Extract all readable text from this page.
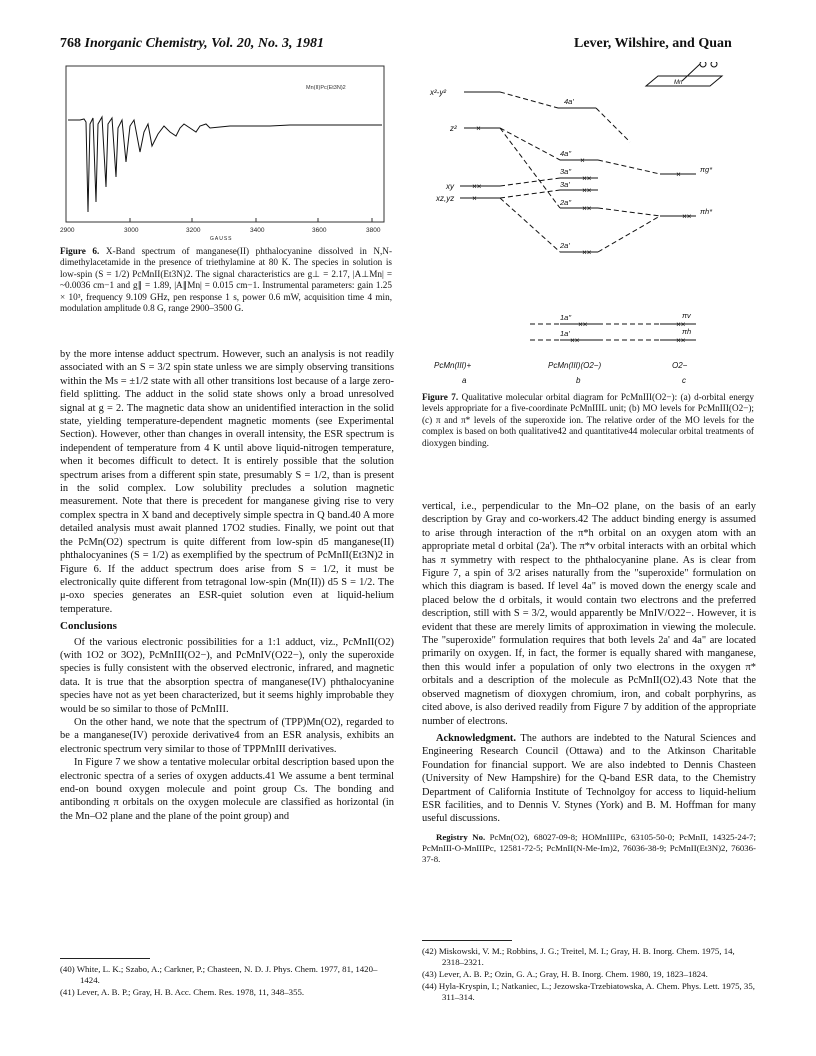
768 Inorganic Chemistry, Vol. 20, No. 3, 1981	Lever, Wilshire, and Quan
Mn(II)Pc(Et3N)2
2900	3000	3200	3400	3600	3800
GAUSS
Figure 6. X-Band spectrum of manganese(II) phthalocyanine dissolved in N,N-dimethylacetamide in the presence of triethylamine at 80 K. The species in solution is low-spin (S = 1/2) PcMnII(Et3N)2. The signal characteristics are g⊥ = 2.17, |A⊥Mn| = ~0.0036 cm−1 and g∥ = 1.89, |A∥Mn| = 0.015 cm−1. Instrumental parameters: gain 1.25 × 10³, frequency 9.109 GHz, pen response 1 s, power 0.6 mW, acquisition time 4 min, modulation amplitude 0.8 G, range 2900–3500 G.
×
××
×
×
××
××
××
××
××
××
×
××
××
××
x²-y²
z²
xy
xz,yz
4a'
4a"
3a"
3a'
2a"
2a'
1a"
1a'
πg*
πh*
πv
πh
Mn
PcMn(III)+	PcMn(III)(O2−)	O2−
a	b	c
Figure 7. Qualitative molecular orbital diagram for PcMnIII(O2−): (a) d-orbital energy levels appropriate for a five-coordinate PcMnIIIL unit; (b) MO levels for PcMnIII(O2−); (c) π and π* levels of the superoxide ion. The relative order of the MO levels for the complex is based on both qualitative42 and quantitative44 molecular orbital treatments of dioxygen binding.

by the more intense adduct spectrum. However, such an analysis is not readily associated with an S = 3/2 spin state unless we are simply observing transitions within the Ms = ±1/2 state with all other transitions lost because of a large zero-field splitting. The adduct in the solid state shows only a broad unresolved signal at g = 2. The magnetic data show an unidentified interaction in the solid state, yielding temperature-dependent magnetic moments (see Experimental Section). However, other than changes in overall intensity, the ESR spectrum is independent of temperature from 4 K until above liquid-nitrogen temperature, when it becomes difficult to detect. It is entirely possible that the solution spectrum arises from a different spin state, presumably S = 1/2, than is present in the solid complex. Low solubility precludes a solution magnetic measurement. Note that there is precedent for manganese giving rise to very complex spectra in X band and deceptively simple spectra in Q band.40 A more detailed analysis must await planned 17O2 studies. Finally, we point out that the PcMn(O2) spectrum is quite different from low-spin d5 manganese(II) phthalocyanines (S = 1/2) as exemplified by the spectrum of PcMnII(Et3N)2 in Figure 6. If the adduct spectrum does arise from S = 1/2, it must be electronically quite different from tetragonal low-spin (Mn(II)) d5 S = 1/2. The μ-oxo species generates an ESR-quiet solution even at liquid-helium temperature.

Conclusions

Of the various electronic possibilities for a 1:1 adduct, viz., PcMnII(O2) (with 1O2 or 3O2), PcMnIII(O2−), and PcMnIV(O22−), only the superoxide species is fully consistent with the observed electronic, infrared, and magnetic data. It is true that the absorption spectra of manganese(IV) phthalocyanine species have not as yet been characterized, but it seems highly improbable they would be so similar to those of PcMnIII.

On the other hand, we note that the spectrum of (TPP)Mn(O2), regarded to be a manganese(IV) peroxide derivative4 from an ESR analysis, exhibits an electronic spectrum very similar to those of TPPMnIII derivatives.

In Figure 7 we show a tentative molecular orbital description based upon the electronic spectra of a series of oxygen adducts.41 We assume a bent terminal end-on bound oxygen molecule and point group Cs. The bonding and antibonding π orbitals on the oxygen molecule are classified as horizontal (in the Mn–O2 plane and the plane of the point group) and

vertical, i.e., perpendicular to the Mn–O2 plane, on the basis of an early description by Gray and co-workers.42 The adduct binding energy is assumed to arise through interaction of the π*h orbital on an oxygen atom with an appropriate metal d orbital (2a'). The π*v orbital interacts with an orbital which has π symmetry with respect to the phthalocyanine plane. As is clear from Figure 7, a spin of 3/2 arises naturally from the "superoxide" formulation on which this diagram is based. If level 4a" is moved down the energy scale and placed below the d orbitals, it would contain two electrons and the preferred description, still with S = 3/2, would apparently be MnIV/O22−. However, it is evident that these are merely limits of approximation in viewing the molecule. The "superoxide" formulation requires that both levels 2a' and 4a" are located primarily on oxygen. If, in fact, the former is equally shared with manganese, then this would infer a population of only two electrons in the oxygen π* orbitals and a description of the molecule as PcMnII(O2).43 Note that the observed magnetism of dioxygen chromium, iron, and cobalt porphyrins, as cited above, is also derived readily from Figure 7 by addition of the appropriate number of electrons.

Acknowledgment. The authors are indebted to the Natural Sciences and Engineering Research Council (Ottawa) and to the Atkinson Charitable Foundation for financial support. We are also indebted to Dennis Chasteen (University of New Hampshire) for the Q-band ESR data, to the Chemistry Department of California Institute of Technolgoy for access to liquid-helium ESR facilities, and to Dennis V. Stynes (York) and B. M. Hoffman for many useful discussions.

Registry No. PcMn(O2), 68027-09-8; HOMnIIIPc, 63105-50-0; PcMnII, 14325-24-7; PcMnIII-O-MnIIIPc, 12581-72-5; PcMnII(N-Me-Im)2, 76036-38-9; PcMnII(Et3N)2, 76036-37-8.

(40) White, L. K.; Szabo, A.; Carkner, P.; Chasteen, N. D. J. Phys. Chem. 1977, 81, 1420–1424.

(41) Lever, A. B. P.; Gray, H. B. Acc. Chem. Res. 1978, 11, 348–355.

(42) Miskowski, V. M.; Robbins, J. G.; Treitel, M. I.; Gray, H. B. Inorg. Chem. 1975, 14, 2318–2321.

(43) Lever, A. B. P.; Ozin, G. A.; Gray, H. B. Inorg. Chem. 1980, 19, 1823–1824.

(44) Hyla-Kryspin, I.; Natkaniec, L.; Jezowska-Trzebiatowska, A. Chem. Phys. Lett. 1975, 35, 311–314.
